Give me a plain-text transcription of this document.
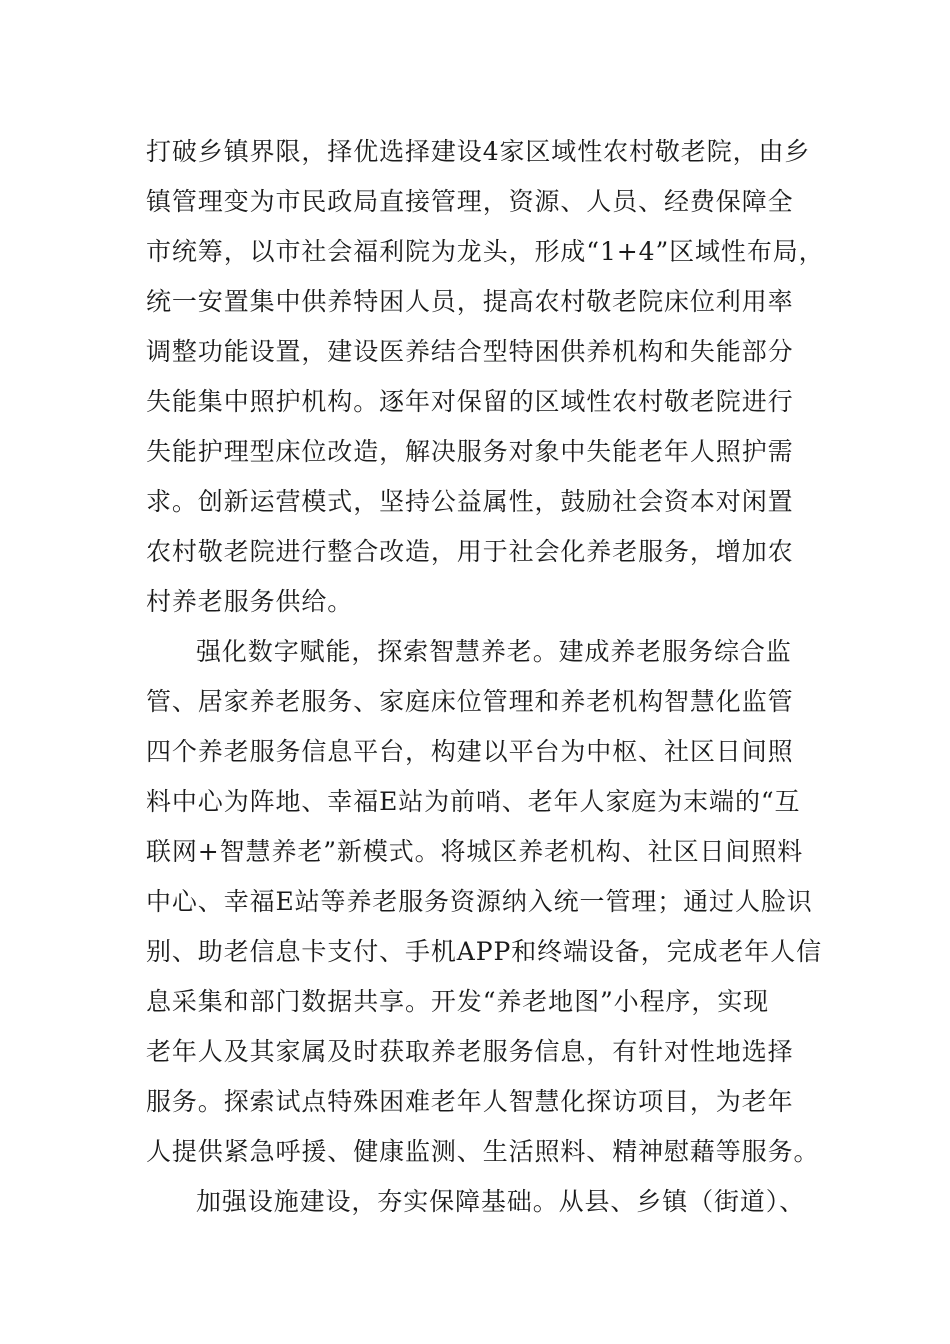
打破乡镇界限，择优选择建设4家区域性农村敬老院，由乡
镇管理变为市民政局直接管理，资源、人员、经费保障全
市统筹，以市社会福利院为龙头，形成“1+4”区域性布局，
统一安置集中供养特困人员，提高农村敬老院床位利用率
调整功能设置，建设医养结合型特困供养机构和失能部分
失能集中照护机构。逐年对保留的区域性农村敬老院进行
失能护理型床位改造，解决服务对象中失能老年人照护需
求。创新运营模式，坚持公益属性，鼓励社会资本对闲置
农村敬老院进行整合改造，用于社会化养老服务，增加农
村养老服务供给。
强化数字赋能，探索智慧养老。建成养老服务综合监
管、居家养老服务、家庭床位管理和养老机构智慧化监管
四个养老服务信息平台，构建以平台为中枢、社区日间照
料中心为阵地、幸福E站为前哨、老年人家庭为末端的“互
联网+智慧养老”新模式。将城区养老机构、社区日间照料
中心、幸福E站等养老服务资源纳入统一管理；通过人脸识
别、助老信息卡支付、手机APP和终端设备，完成老年人信
息采集和部门数据共享。开发“养老地图”小程序，实现
老年人及其家属及时获取养老服务信息，有针对性地选择
服务。探索试点特殊困难老年人智慧化探访项目，为老年
人提供紧急呼援、健康监测、生活照料、精神慰藉等服务。
加强设施建设，夯实保障基础。从县、乡镇（街道）、
